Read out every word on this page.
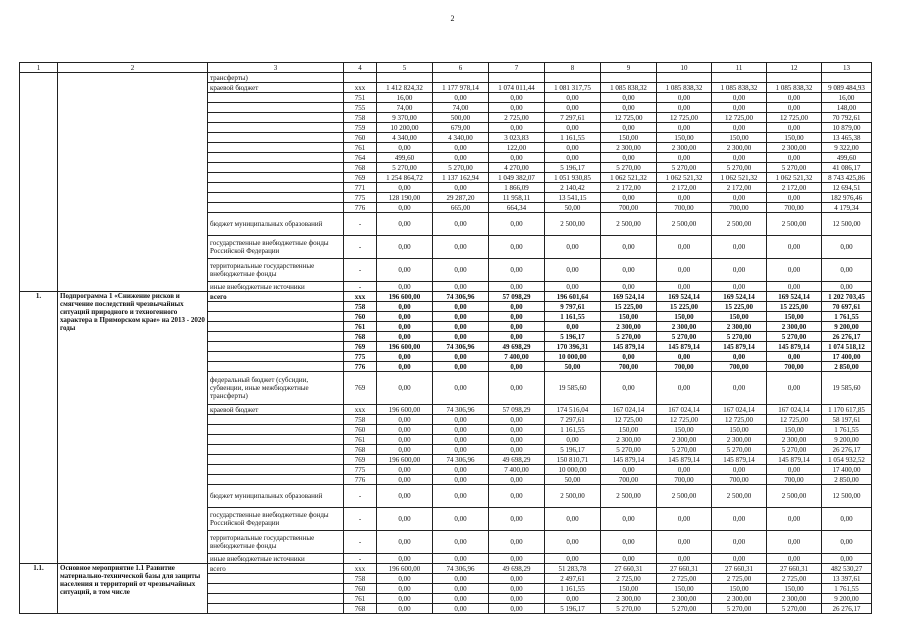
2
1	2	3	4	5	6	7	8	9	10	11	12	13
		трансферты)										
		краевой бюджет	ххх	1 412 824,32	1 177 978,14	1 074 011,44	1 081 317,75	1 085 838,32	1 085 838,32	1 085 838,32	1 085 838,32	9 089 484,93
			751	16,00	0,00	0,00	0,00	0,00	0,00	0,00	0,00	16,00
			755	74,00	74,00	0,00	0,00	0,00	0,00	0,00	0,00	148,00
			758	9 370,00	500,00	2 725,00	7 297,61	12 725,00	12 725,00	12 725,00	12 725,00	70 792,61
			759	10 200,00	679,00	0,00	0,00	0,00	0,00	0,00	0,00	10 879,00
			760	4 340,00	4 340,00	3 023,83	1 161,55	150,00	150,00	150,00	150,00	13 465,38
			761	0,00	0,00	122,00	0,00	2 300,00	2 300,00	2 300,00	2 300,00	9 322,00
			764	499,60	0,00	0,00	0,00	0,00	0,00	0,00	0,00	499,60
			768	5 270,00	5 270,00	4 270,00	5 196,17	5 270,00	5 270,00	5 270,00	5 270,00	41 086,17
			769	1 254 864,72	1 137 162,94	1 049 382,07	1 051 930,85	1 062 521,32	1 062 521,32	1 062 521,32	1 062 521,32	8 743 425,86
			771	0,00	0,00	1 866,09	2 140,42	2 172,00	2 172,00	2 172,00	2 172,00	12 694,51
			775	128 190,00	29 287,20	11 958,11	13 541,15	0,00	0,00	0,00	0,00	182 976,46
			776	0,00	665,00	664,34	50,00	700,00	700,00	700,00	700,00	4 179,34
		бюджет муниципальных образований	-	0,00	0,00	0,00	2 500,00	2 500,00	2 500,00	2 500,00	2 500,00	12 500,00
		государственные внебюджетные фонды Российской Федерации	-	0,00	0,00	0,00	0,00	0,00	0,00	0,00	0,00	0,00
		территориальные государственные внебюджетные фонды	-	0,00	0,00	0,00	0,00	0,00	0,00	0,00	0,00	0,00
		иные внебюджетные источники	-	0,00	0,00	0,00	0,00	0,00	0,00	0,00	0,00	0,00
1.	Подпрограмма 1 «Снижение рисков и смягчение последствий чрезвычайных ситуаций природного и техногенного характера в Приморском крае» на 2013 - 2020 годы	всего	ххх	196 600,00	74 306,96	57 098,29	196 601,64	169 524,14	169 524,14	169 524,14	169 524,14	1 202 703,45
			758	0,00	0,00	0,00	9 797,61	15 225,00	15 225,00	15 225,00	15 225,00	70 697,61
			760	0,00	0,00	0,00	1 161,55	150,00	150,00	150,00	150,00	1 761,55
			761	0,00	0,00	0,00	0,00	2 300,00	2 300,00	2 300,00	2 300,00	9 200,00
			768	0,00	0,00	0,00	5 196,17	5 270,00	5 270,00	5 270,00	5 270,00	26 276,17
			769	196 600,00	74 306,96	49 698,29	170 396,31	145 879,14	145 879,14	145 879,14	145 879,14	1 074 518,12
			775	0,00	0,00	7 400,00	10 000,00	0,00	0,00	0,00	0,00	17 400,00
			776	0,00	0,00	0,00	50,00	700,00	700,00	700,00	700,00	2 850,00
		федеральный бюджет (субсидии, субвенции, иные межбюджетные трансферты)	769	0,00	0,00	0,00	19 585,60	0,00	0,00	0,00	0,00	19 585,60
		краевой бюджет	ххх	196 600,00	74 306,96	57 098,29	174 516,04	167 024,14	167 024,14	167 024,14	167 024,14	1 170 617,85
			758	0,00	0,00	0,00	7 297,61	12 725,00	12 725,00	12 725,00	12 725,00	58 197,61
			760	0,00	0,00	0,00	1 161,55	150,00	150,00	150,00	150,00	1 761,55
			761	0,00	0,00	0,00	0,00	2 300,00	2 300,00	2 300,00	2 300,00	9 200,00
			768	0,00	0,00	0,00	5 196,17	5 270,00	5 270,00	5 270,00	5 270,00	26 276,17
			769	196 600,00	74 306,96	49 698,29	150 810,71	145 879,14	145 879,14	145 879,14	145 879,14	1 054 932,52
			775	0,00	0,00	7 400,00	10 000,00	0,00	0,00	0,00	0,00	17 400,00
			776	0,00	0,00	0,00	50,00	700,00	700,00	700,00	700,00	2 850,00
		бюджет муниципальных образований	-	0,00	0,00	0,00	2 500,00	2 500,00	2 500,00	2 500,00	2 500,00	12 500,00
		государственные внебюджетные фонды Российской Федерации	-	0,00	0,00	0,00	0,00	0,00	0,00	0,00	0,00	0,00
		территориальные государственные внебюджетные фонды	-	0,00	0,00	0,00	0,00	0,00	0,00	0,00	0,00	0,00
		иные внебюджетные источники	-	0,00	0,00	0,00	0,00	0,00	0,00	0,00	0,00	0,00
1.1.	Основное мероприятие 1.1 Развитие материально-технической базы для защиты населения и территорий от чрезвычайных ситуаций, в том числе	всего	ххх	196 600,00	74 306,96	49 698,29	51 283,78	27 660,31	27 660,31	27 660,31	27 660,31	482 530,27
			758	0,00	0,00	0,00	2 497,61	2 725,00	2 725,00	2 725,00	2 725,00	13 397,61
			760	0,00	0,00	0,00	1 161,55	150,00	150,00	150,00	150,00	1 761,55
			761	0,00	0,00	0,00	0,00	2 300,00	2 300,00	2 300,00	2 300,00	9 200,00
			768	0,00	0,00	0,00	5 196,17	5 270,00	5 270,00	5 270,00	5 270,00	26 276,17
